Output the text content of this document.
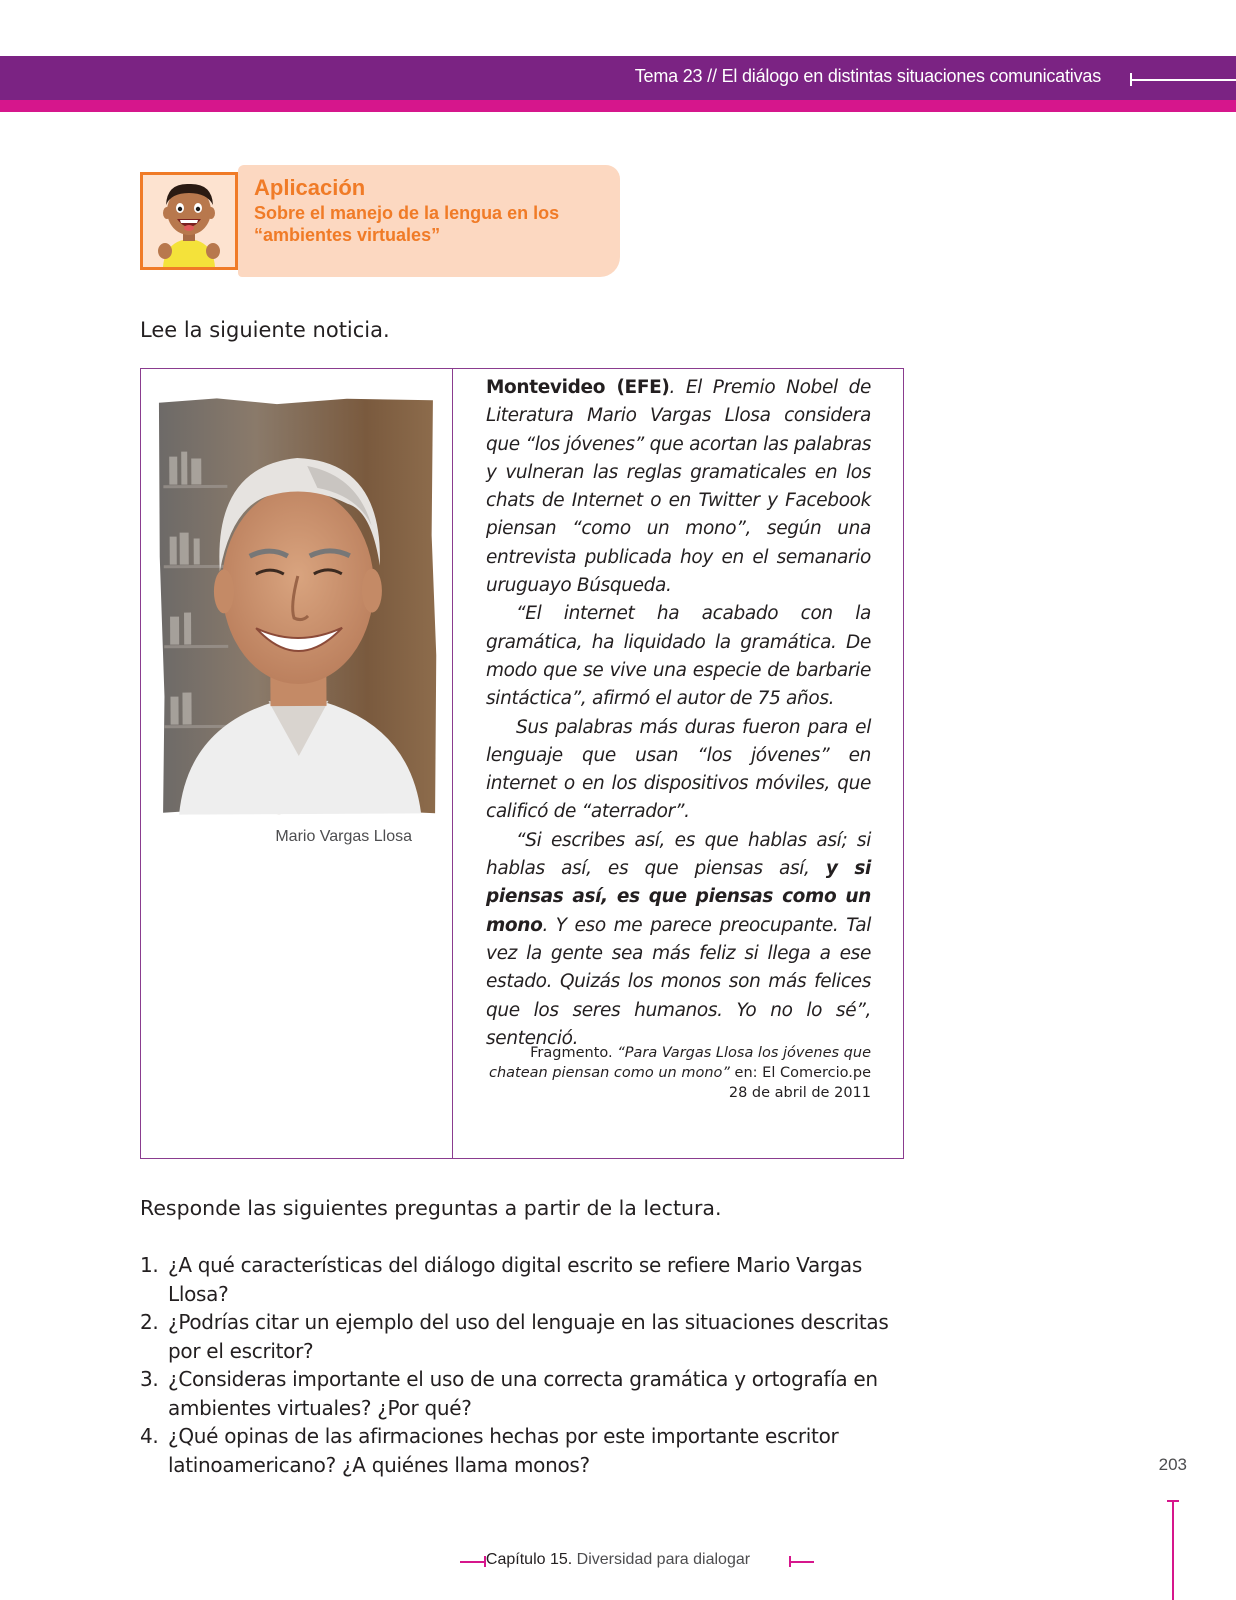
Tema 23 // El diálogo en distintas situaciones comunicativas
Aplicación
Sobre el manejo de la lengua en los “ambientes virtuales”
Lee la siguiente noticia.
Mario Vargas Llosa

Montevideo (EFE). El Premio Nobel de Literatura Mario Vargas Llosa considera que “los jóvenes” que acortan las palabras y vulneran las reglas gramaticales en los chats de Internet o en Twitter y Facebook piensan “como un mono”, según una entrevista publicada hoy en el semanario uruguayo Búsqueda.

“El internet ha acabado con la gramática, ha liquidado la gramática. De modo que se vive una especie de barbarie sintáctica”, afirmó el autor de 75 años.

Sus palabras más duras fueron para el lenguaje que usan “los jóvenes” en internet o en los dispositivos móviles, que calificó de “aterrador”.

“Si escribes así, es que hablas así; si hablas así, es que piensas así, y si piensas así, es que piensas como un mono. Y eso me parece preocupante. Tal vez la gente sea más feliz si llega a ese estado. Quizás los monos son más felices que los seres humanos. Yo no lo sé”, sentenció.

Fragmento. “Para Vargas Llosa los jóvenes que chatean piensan como un mono” en: El Comercio.pe
28 de abril de 2011
Responde las siguientes preguntas a partir de la lectura.
1. ¿A qué características del diálogo digital escrito se refiere Mario Vargas Llosa?
2. ¿Podrías citar un ejemplo del uso del lenguaje en las situaciones descritas por el escritor?
3. ¿Consideras importante el uso de una correcta gramática y ortografía en ambientes virtuales? ¿Por qué?
4. ¿Qué opinas de las afirmaciones hechas por este importante escritor latinoamericano? ¿A quiénes llama monos?	203
Capítulo 15. Diversidad para dialogar
